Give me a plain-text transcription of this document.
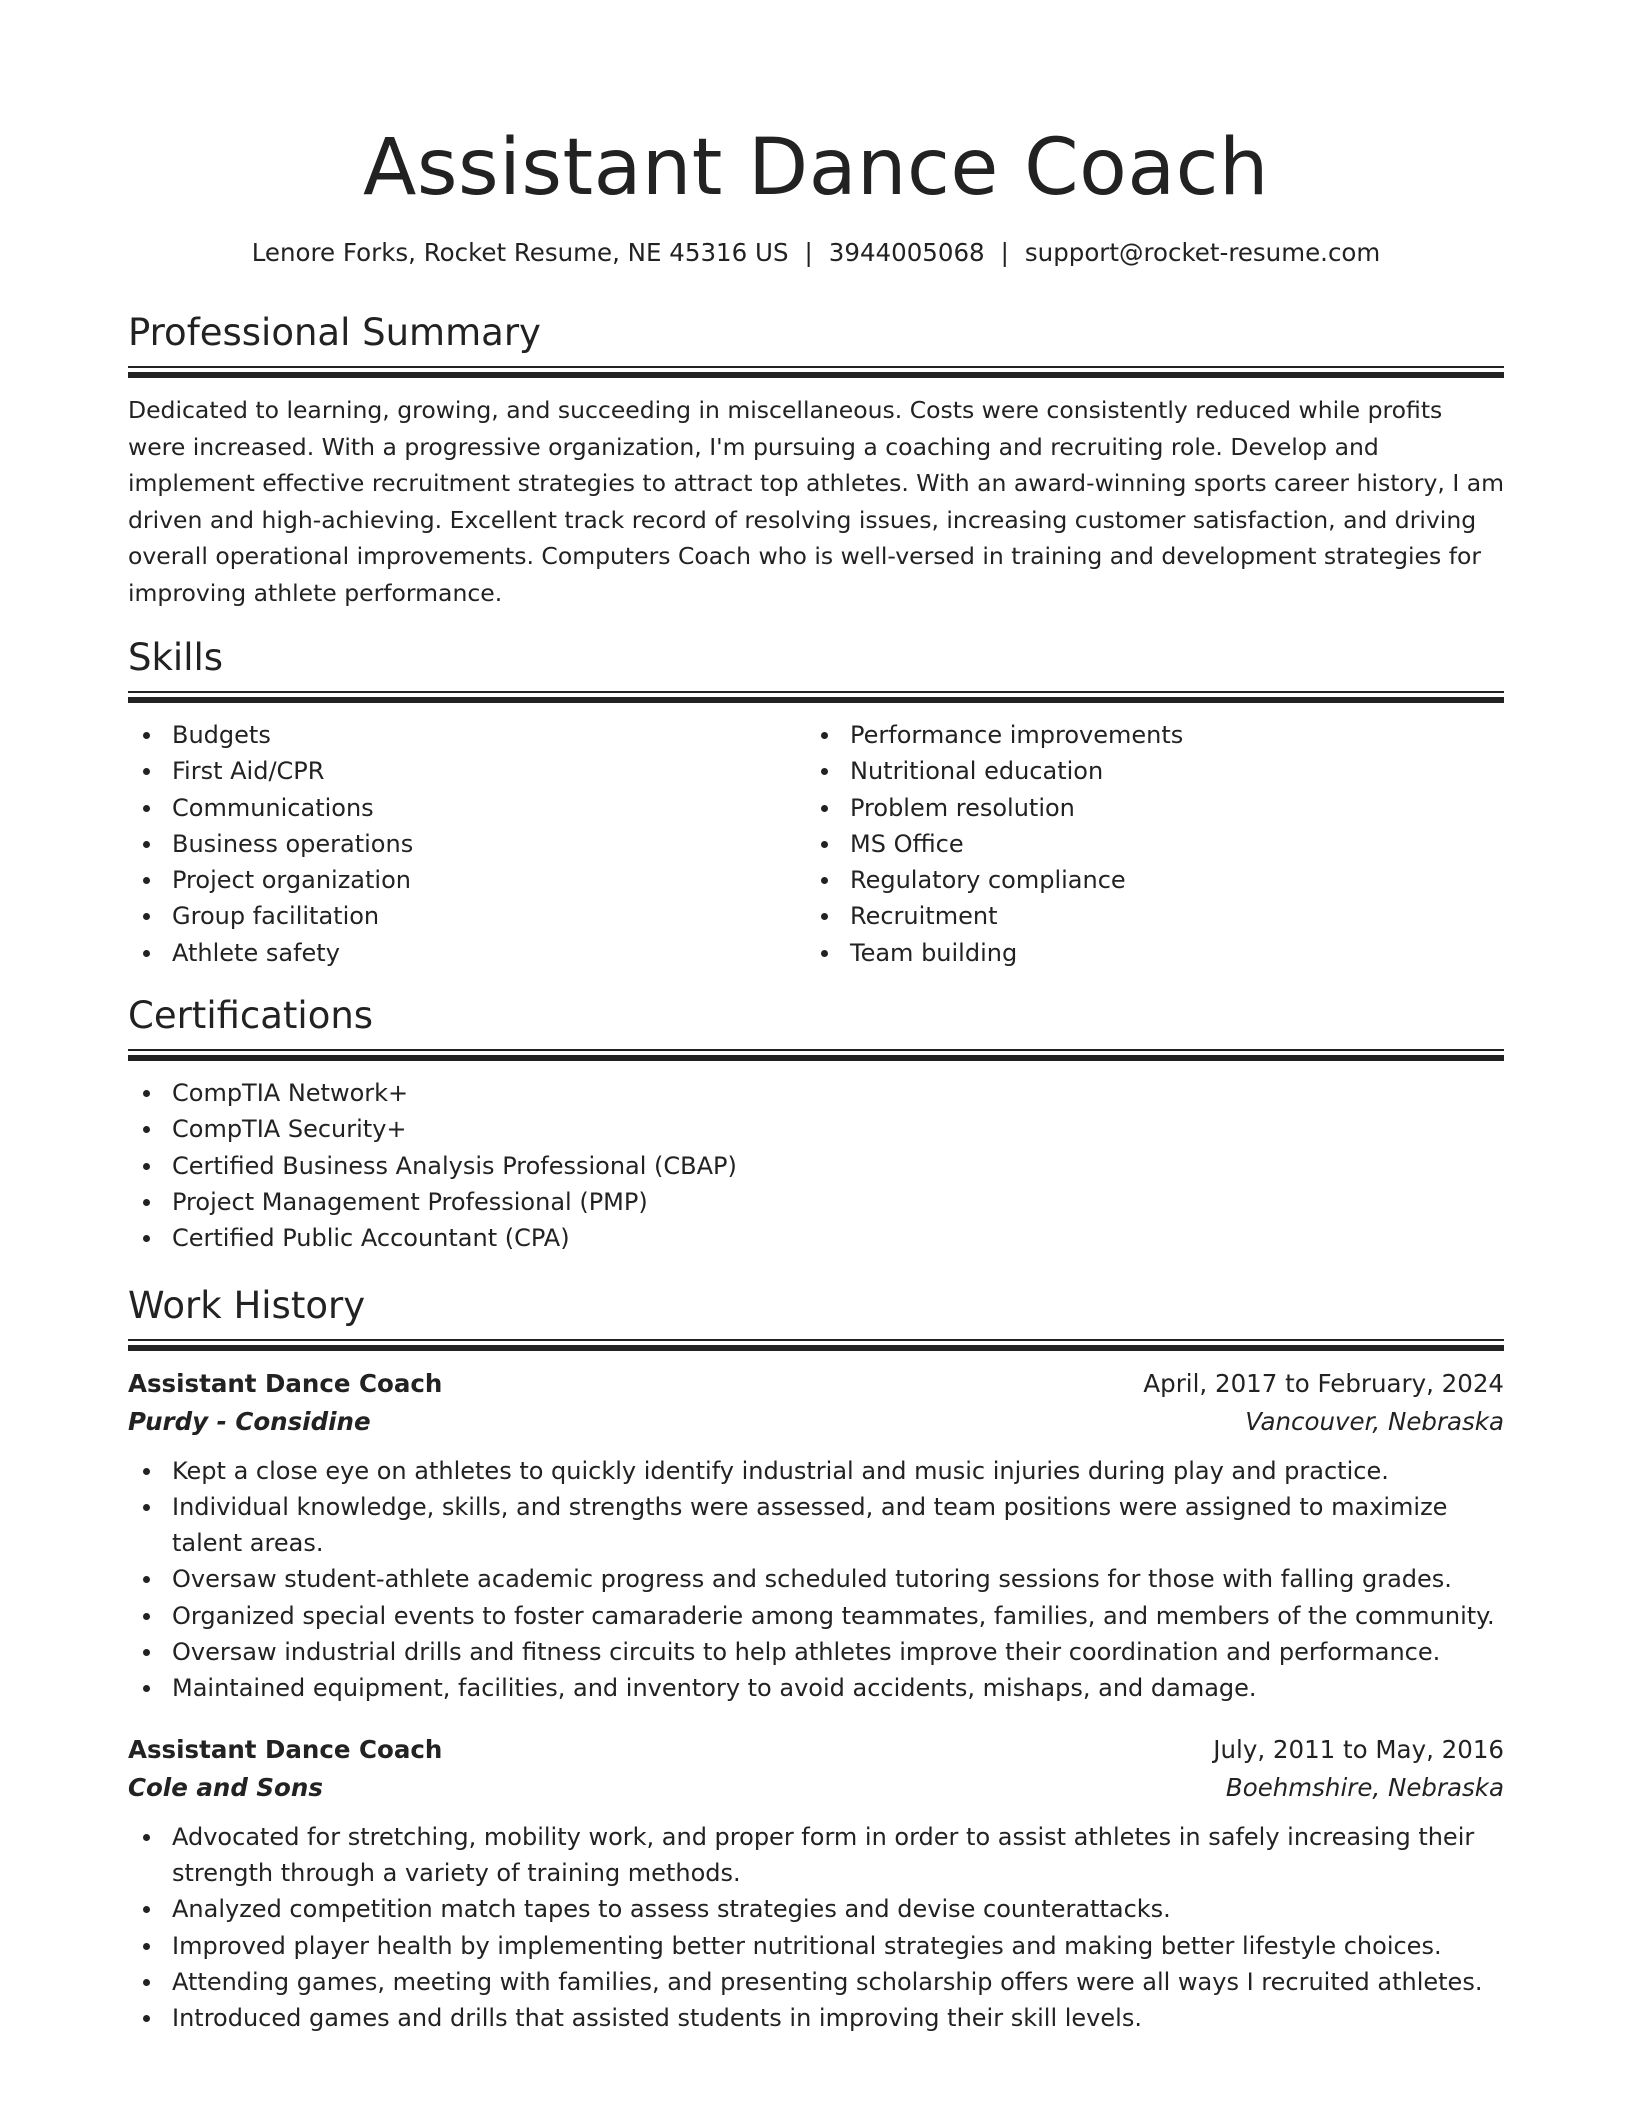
Assistant Dance Coach
Lenore Forks, Rocket Resume, NE 45316 US | 3944005068 | support@rocket-resume.com
Professional Summary

Dedicated to learning, growing, and succeeding in miscellaneous. Costs were consistently reduced while profits were increased. With a progressive organization, I'm pursuing a coaching and recruiting role. Develop and implement effective recruitment strategies to attract top athletes. With an award-winning sports career history, I am driven and high-achieving. Excellent track record of resolving issues, increasing customer satisfaction, and driving overall operational improvements. Computers Coach who is well-versed in training and development strategies for improving athlete performance.

Skills
Budgets
First Aid/CPR
Communications
Business operations
Project organization
Group facilitation
Athlete safety
Performance improvements
Nutritional education
Problem resolution
MS Office
Regulatory compliance
Recruitment
Team building
Certifications
CompTIA Network+
CompTIA Security+
Certified Business Analysis Professional (CBAP)
Project Management Professional (PMP)
Certified Public Accountant (CPA)
Work History
Assistant Dance Coach	April, 2017 to February, 2024
Purdy - Considine	Vancouver, Nebraska
Kept a close eye on athletes to quickly identify industrial and music injuries during play and practice.
Individual knowledge, skills, and strengths were assessed, and team positions were assigned to maximize talent areas.
Oversaw student-athlete academic progress and scheduled tutoring sessions for those with falling grades.
Organized special events to foster camaraderie among teammates, families, and members of the community.
Oversaw industrial drills and fitness circuits to help athletes improve their coordination and performance.
Maintained equipment, facilities, and inventory to avoid accidents, mishaps, and damage.
Assistant Dance Coach	July, 2011 to May, 2016
Cole and Sons	Boehmshire, Nebraska
Advocated for stretching, mobility work, and proper form in order to assist athletes in safely increasing their strength through a variety of training methods.
Analyzed competition match tapes to assess strategies and devise counterattacks.
Improved player health by implementing better nutritional strategies and making better lifestyle choices.
Attending games, meeting with families, and presenting scholarship offers were all ways I recruited athletes.
Introduced games and drills that assisted students in improving their skill levels.
